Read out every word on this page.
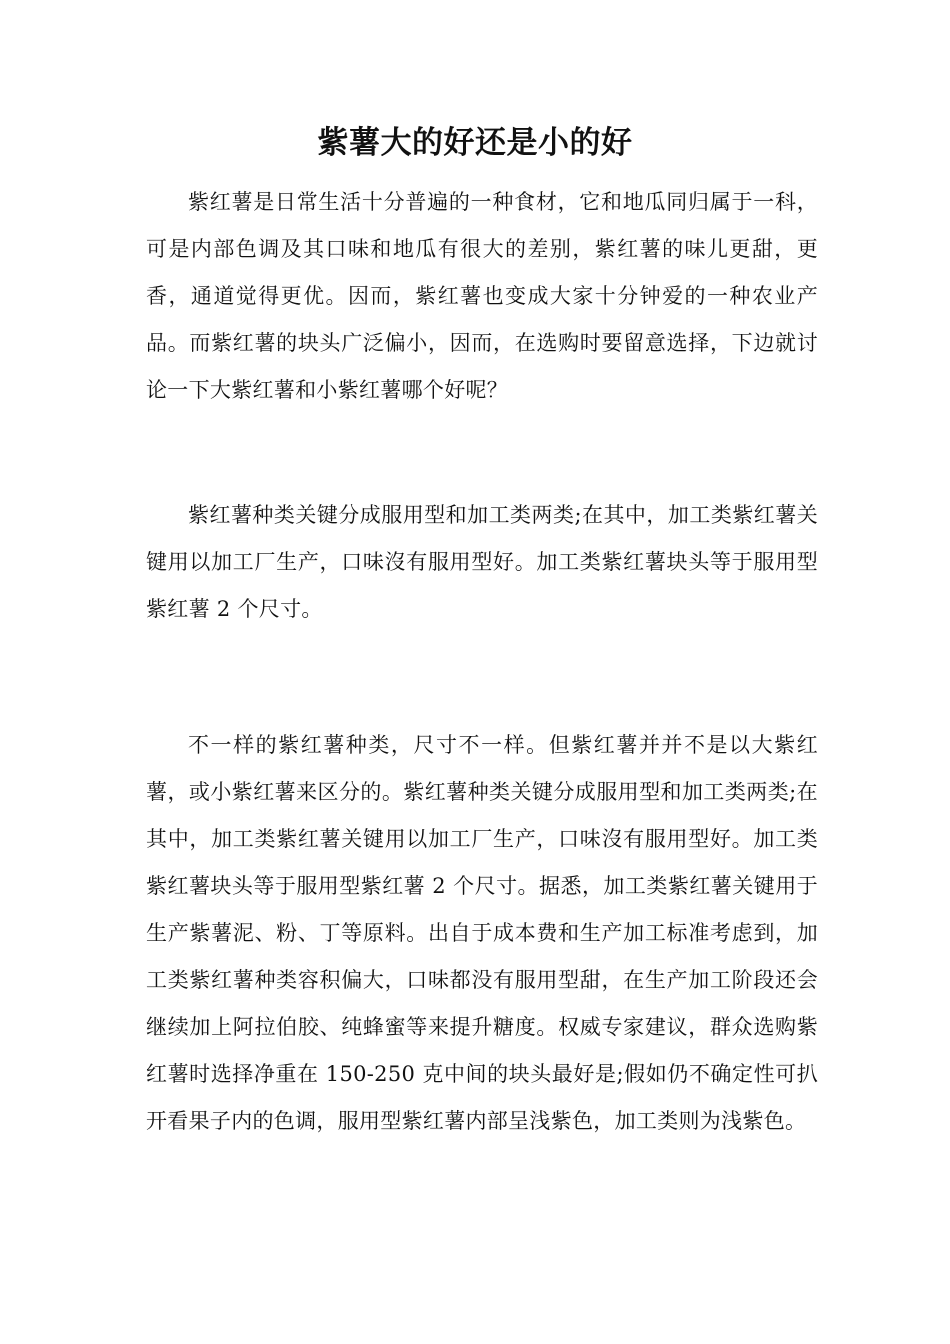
紫薯大的好还是小的好

紫红薯是日常生活十分普遍的一种食材，它和地瓜同归属于一科，可是内部色调及其口味和地瓜有很大的差别，紫红薯的味儿更甜，更香，通道觉得更优。因而，紫红薯也变成大家十分钟爱的一种农业产品。而紫红薯的块头广泛偏小，因而，在选购时要留意选择，下边就讨论一下大紫红薯和小紫红薯哪个好呢？

紫红薯种类关键分成服用型和加工类两类;在其中，加工类紫红薯关键用以加工厂生产，口味沒有服用型好。加工类紫红薯块头等于服用型紫红薯 2 个尺寸。

不一样的紫红薯种类，尺寸不一样。但紫红薯并并不是以大紫红薯，或小紫红薯来区分的。紫红薯种类关键分成服用型和加工类两类;在其中，加工类紫红薯关键用以加工厂生产，口味沒有服用型好。加工类紫红薯块头等于服用型紫红薯 2 个尺寸。据悉，加工类紫红薯关键用于生产紫薯泥、粉、丁等原料。出自于成本费和生产加工标准考虑到，加工类紫红薯种类容积偏大，口味都没有服用型甜，在生产加工阶段还会继续加上阿拉伯胶、纯蜂蜜等来提升糖度。权威专家建议，群众选购紫红薯时选择净重在 150-250 克中间的块头最好是;假如仍不确定性可扒开看果子内的色调，服用型紫红薯内部呈浅紫色，加工类则为浅紫色。
